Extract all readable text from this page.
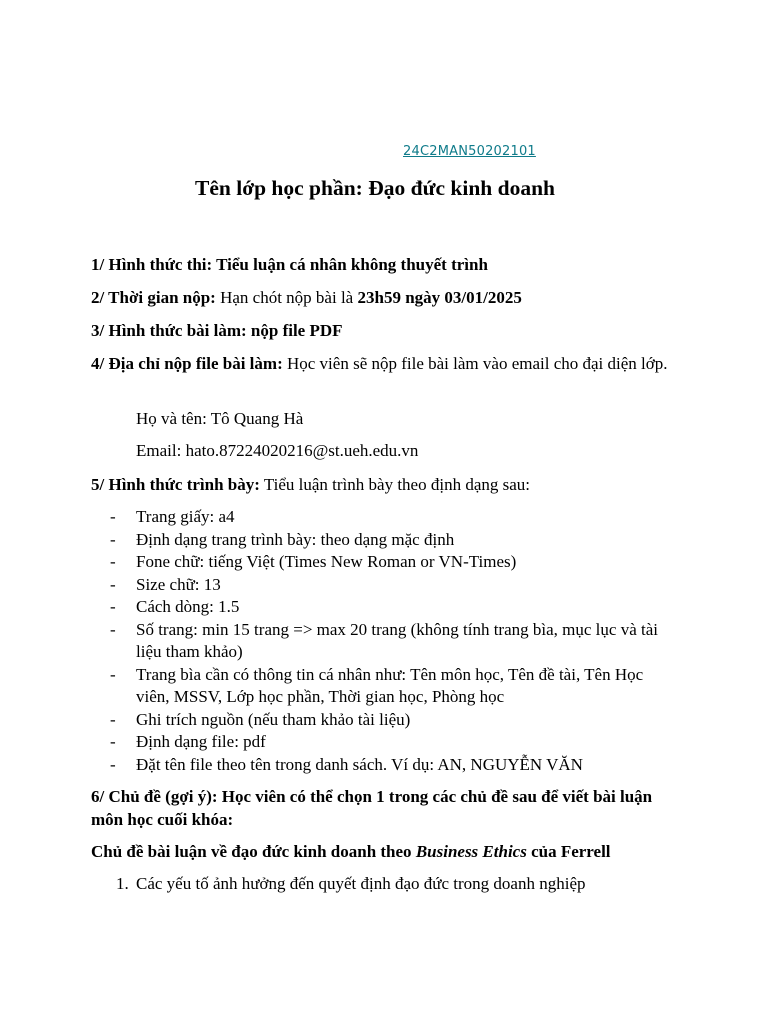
24C2MAN50202101
Tên lớp học phần: Đạo đức kinh doanh
1/ Hình thức thi: Tiểu luận cá nhân không thuyết trình
2/ Thời gian nộp: Hạn chót nộp bài là 23h59 ngày 03/01/2025
3/ Hình thức bài làm: nộp file PDF
4/ Địa chỉ nộp file bài làm: Học viên sẽ nộp file bài làm vào email cho đại diện lớp.
Họ và tên: Tô Quang Hà
Email: hato.87224020216@st.ueh.edu.vn
5/ Hình thức trình bày: Tiểu luận trình bày theo định dạng sau:
- Trang giấy: a4
- Định dạng trang trình bày: theo dạng mặc định
- Fone chữ: tiếng Việt (Times New Roman or VN-Times)
- Size chữ: 13
- Cách dòng: 1.5
- Số trang: min 15 trang => max 20 trang (không tính trang bìa, mục lục và tài liệu tham khảo)
- Trang bìa cần có thông tin cá nhân như: Tên môn học, Tên đề tài, Tên Học viên, MSSV, Lớp học phần, Thời gian học, Phòng học
- Ghi trích nguồn (nếu tham khảo tài liệu)
- Định dạng file: pdf
- Đặt tên file theo tên trong danh sách. Ví dụ: AN, NGUYỄN VĂN
6/ Chủ đề (gợi ý): Học viên có thể chọn 1 trong các chủ đề sau để viết bài luận môn học cuối khóa:
Chủ đề bài luận về đạo đức kinh doanh theo Business Ethics của Ferrell
1. Các yếu tố ảnh hưởng đến quyết định đạo đức trong doanh nghiệp
